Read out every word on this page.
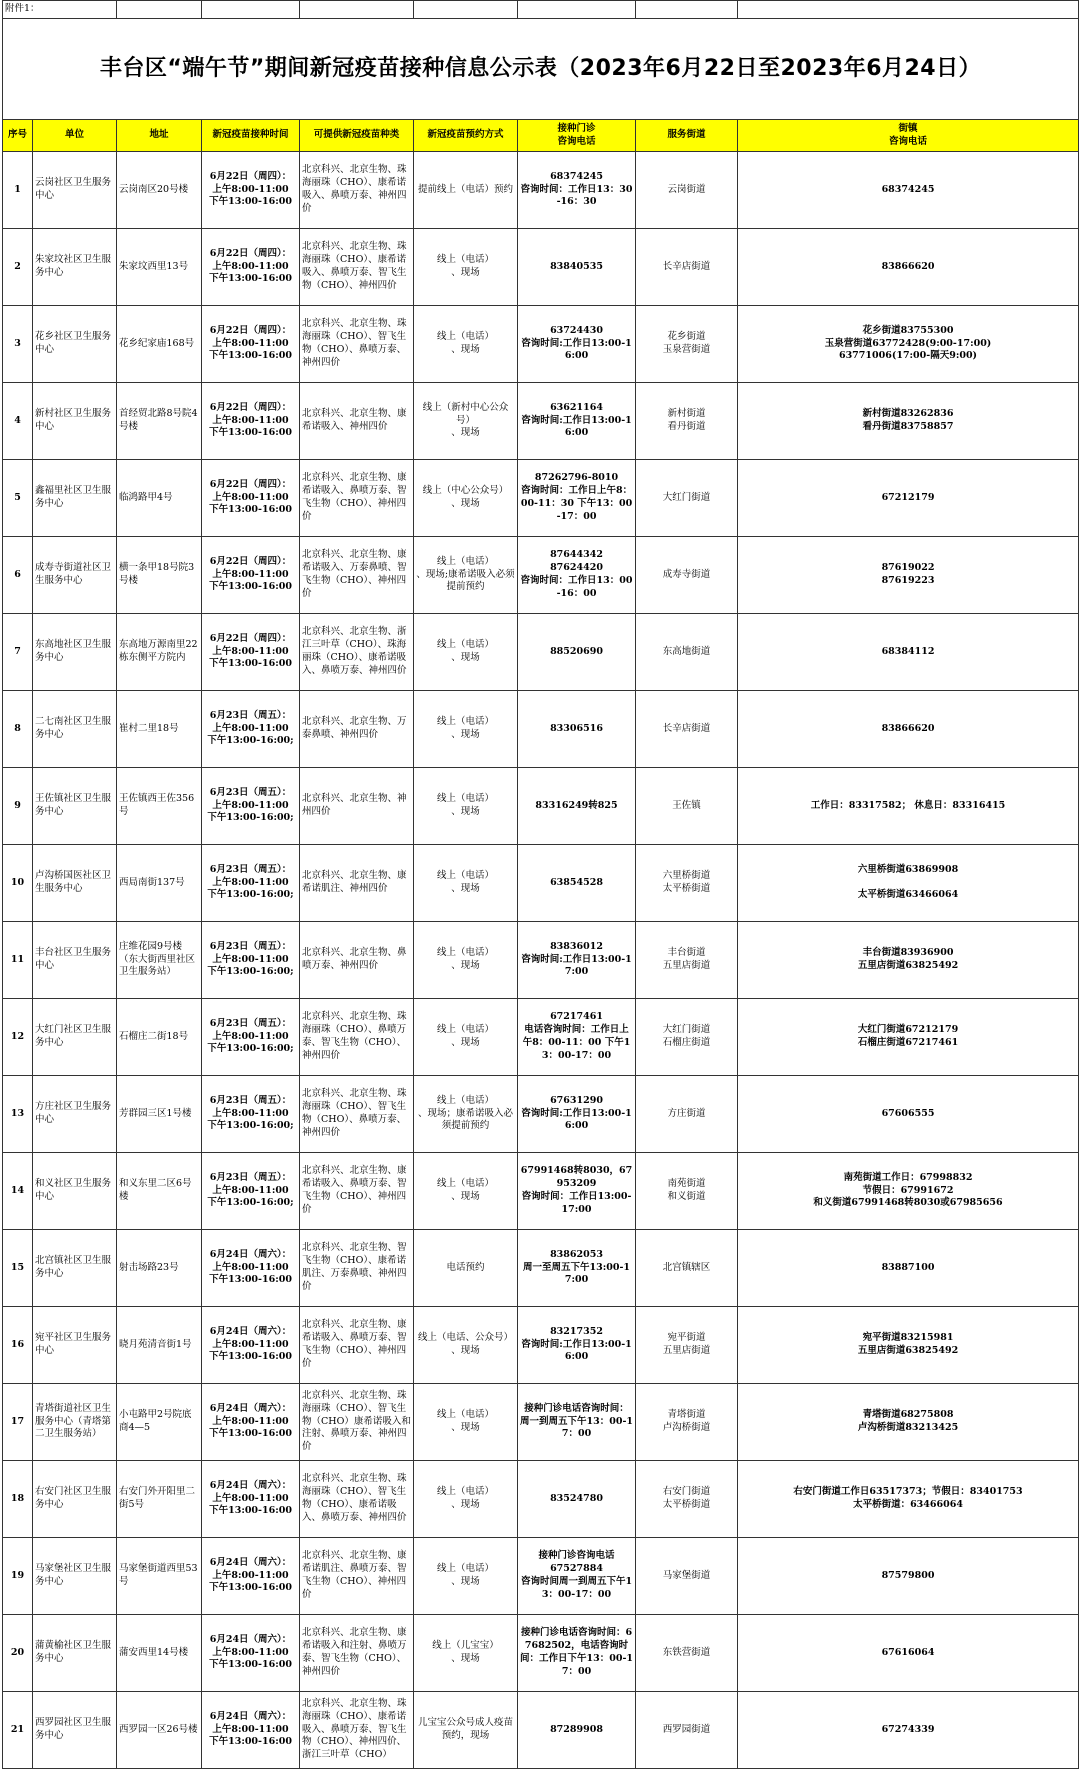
附件1：								
丰台区“端午节”期间新冠疫苗接种信息公示表（2023年6月22日至2023年6月24日）								
序号	单位	地址	新冠疫苗接种时间	可提供新冠疫苗种类	新冠疫苗预约方式	接种门诊
咨询电话	服务街道	街镇
咨询电话
1	云岗社区卫生服务中心	云岗南区20号楼	6月22日（周四）：
上午8:00-11:00
下午13:00-16:00	北京科兴、北京生物、珠海丽珠（CHO）、康希诺吸入、鼻喷万泰、神州四价	提前线上（电话）预约	68374245
咨询时间：工作日13：30-16：30	云岗街道	68374245
2	朱家坟社区卫生服务中心	朱家坟西里13号	6月22日（周四）：
上午8:00-11:00
下午13:00-16:00	北京科兴、北京生物、珠海丽珠（CHO）、康希诺吸入、鼻喷万泰、智飞生物（CHO）、神州四价	线上（电话）
、现场	83840535	长辛店街道	83866620
3	花乡社区卫生服务中心	花乡纪家庙168号	6月22日（周四）：
上午8:00-11:00
下午13:00-16:00	北京科兴、北京生物、珠海丽珠（CHO）、智飞生物（CHO）、鼻喷万泰、神州四价	线上（电话）
、现场	63724430
咨询时间:工作日13:00-16:00	花乡街道
玉泉营街道	花乡街道83755300
玉泉营街道63772428(9:00-17:00)
63771006(17:00-隔天9:00)
4	新村社区卫生服务中心	首经贸北路8号院4号楼	6月22日（周四）：
上午8:00-11:00
下午13:00-16:00	北京科兴、北京生物、康希诺吸入、神州四价	线上（新村中心公众号）
、现场	63621164
咨询时间:工作日13:00-16:00	新村街道
看丹街道	新村街道83262836
看丹街道83758857
5	鑫福里社区卫生服务中心	临鸿路甲4号	6月22日（周四）：
上午8:00-11:00
下午13:00-16:00	北京科兴、北京生物、康希诺吸入、鼻喷万泰、智飞生物（CHO）、神州四价	线上（中心公众号）
、现场	87262796-8010
咨询时间：工作日上午8：00-11：30 下午13：00-17：00	大红门街道	67212179
6	成寿寺街道社区卫生服务中心	横一条甲18号院3号楼	6月22日（周四）：
上午8:00-11:00
下午13:00-16:00	北京科兴、北京生物、康希诺吸入、万泰鼻喷、智飞生物（CHO）、神州四价	线上（电话）
、现场;康希诺吸入必须提前预约	87644342
87624420
咨询时间：工作日13：00-16：00	成寿寺街道	87619022
87619223
7	东高地社区卫生服务中心	东高地万源南里22栋东侧平方院内	6月22日（周四）：
上午8:00-11:00
下午13:00-16:00	北京科兴、北京生物、浙江三叶草（CHO）、珠海丽珠（CHO）、康希诺吸入、鼻喷万泰、神州四价	线上（电话）
、现场	88520690	东高地街道	68384112
8	二七南社区卫生服务中心	崔村二里18号	6月23日（周五）：
上午8:00-11:00
下午13:00-16:00;	北京科兴、北京生物、万泰鼻喷、神州四价	线上（电话）
、现场	83306516	长辛店街道	83866620
9	王佐镇社区卫生服务中心	王佐镇西王佐356号	6月23日（周五）：
上午8:00-11:00
下午13:00-16:00;	北京科兴、北京生物、神州四价	线上（电话）
、现场	83316249转825	王佐镇	工作日：83317582； 休息日：83316415
10	卢沟桥国医社区卫生服务中心	西局南街137号	6月23日（周五）：
上午8:00-11:00
下午13:00-16:00;	北京科兴、北京生物、康希诺肌注、神州四价	线上（电话）
、现场	63854528	六里桥街道
太平桥街道	六里桥街道63869908

太平桥街道63466064
11	丰台社区卫生服务中心	庄维花园9号楼（东大街西里社区卫生服务站）	6月23日（周五）：
上午8:00-11:00
下午13:00-16:00;	北京科兴、北京生物、鼻喷万泰、神州四价	线上（电话）
、现场	83836012
咨询时间:工作日13:00-17:00	丰台街道
五里店街道	丰台街道83936900
五里店街道63825492
12	大红门社区卫生服务中心	石榴庄二街18号	6月23日（周五）：
上午8:00-11:00
下午13:00-16:00;	北京科兴、北京生物、珠海丽珠（CHO）、鼻喷万泰、智飞生物（CHO）、神州四价	线上（电话）
、现场	67217461
电话咨询时间：工作日上午8：00-11：00 下午13：00-17：00	大红门街道
石榴庄街道	大红门街道67212179
石榴庄街道67217461
13	方庄社区卫生服务中心	芳群园三区1号楼	6月23日（周五）：
上午8:00-11:00
下午13:00-16:00;	北京科兴、北京生物、珠海丽珠（CHO）、智飞生物（CHO）、鼻喷万泰、神州四价	线上（电话）
、现场；康希诺吸入必须提前预约	67631290
咨询时间:工作日13:00-16:00	方庄街道	67606555
14	和义社区卫生服务中心	和义东里二区6号楼	6月23日（周五）：
上午8:00-11:00
下午13:00-16:00;	北京科兴、北京生物、康希诺吸入、鼻喷万泰、智飞生物（CHO）、神州四价	线上（电话）
、现场	67991468转8030，67953209
咨询时间：工作日13:00-17:00	南苑街道
和义街道	南苑街道工作日：67998832
节假日：67991672
和义街道67991468转8030或67985656
15	北宫镇社区卫生服务中心	射击场路23号	6月24日（周六）：
上午8:00-11:00
下午13:00-16:00	北京科兴、北京生物、智飞生物（CHO）、康希诺肌注、万泰鼻喷、神州四价	电话预约	83862053
周一至周五下午13:00-17:00	北宫镇辖区	83887100
16	宛平社区卫生服务中心	晓月苑清音街1号	6月24日（周六）：
上午8:00-11:00
下午13:00-16:00	北京科兴、北京生物、康希诺吸入、鼻喷万泰、智飞生物（CHO）、神州四价	线上（电话、公众号）
、现场	83217352
咨询时间:工作日13:00-16:00	宛平街道
五里店街道	宛平街道83215981
五里店街道63825492
17	青塔街道社区卫生服务中心（青塔第二卫生服务站）	小屯路甲2号院底商4—5	6月24日（周六）：
上午8:00-11:00
下午13:00-16:00	北京科兴、北京生物、珠海丽珠（CHO）、智飞生物（CHO）康希诺吸入和注射、鼻喷万泰、神州四价	线上（电话）
、现场	接种门诊电话咨询时间：周一到周五下午13：00-17：00	青塔街道
卢沟桥街道	青塔街道68275808
卢沟桥街道83213425
18	右安门社区卫生服务中心	右安门外开阳里二街5号	6月24日（周六）：
上午8:00-11:00
下午13:00-16:00	北京科兴、北京生物、珠海丽珠（CHO）、智飞生物（CHO）、康希诺吸入、鼻喷万泰、神州四价	线上（电话）
、现场	83524780	右安门街道
太平桥街道	右安门街道工作日63517373；节假日：83401753
太平桥街道：63466064
19	马家堡社区卫生服务中心	马家堡街道西里53号	6月24日（周六）：
上午8:00-11:00
下午13:00-16:00	北京科兴、北京生物、康希诺肌注、鼻喷万泰、智飞生物（CHO）、神州四价	线上（电话）
、现场	接种门诊咨询电话
67527884
咨询时间周一到周五下午13：00-17：00	马家堡街道	87579800
20	蒲黄榆社区卫生服务中心	蒲安西里14号楼	6月24日（周六）：
上午8:00-11:00
下午13:00-16:00	北京科兴、北京生物、康希诺吸入和注射、鼻喷万泰、智飞生物（CHO）、神州四价	线上（儿宝宝）
、现场	接种门诊电话咨询时间：67682502，电话咨询时间：工作日下午13：00-17：00	东铁营街道	67616064
21	西罗园社区卫生服务中心	西罗园一区26号楼	6月24日（周六）：
上午8:00-11:00
下午13:00-16:00	北京科兴、北京生物、珠海丽珠（CHO）、康希诺吸入、鼻喷万泰、智飞生物（CHO）、神州四价、浙江三叶草（CHO）	儿宝宝公众号成人疫苗预约，现场	87289908	西罗园街道	67274339
